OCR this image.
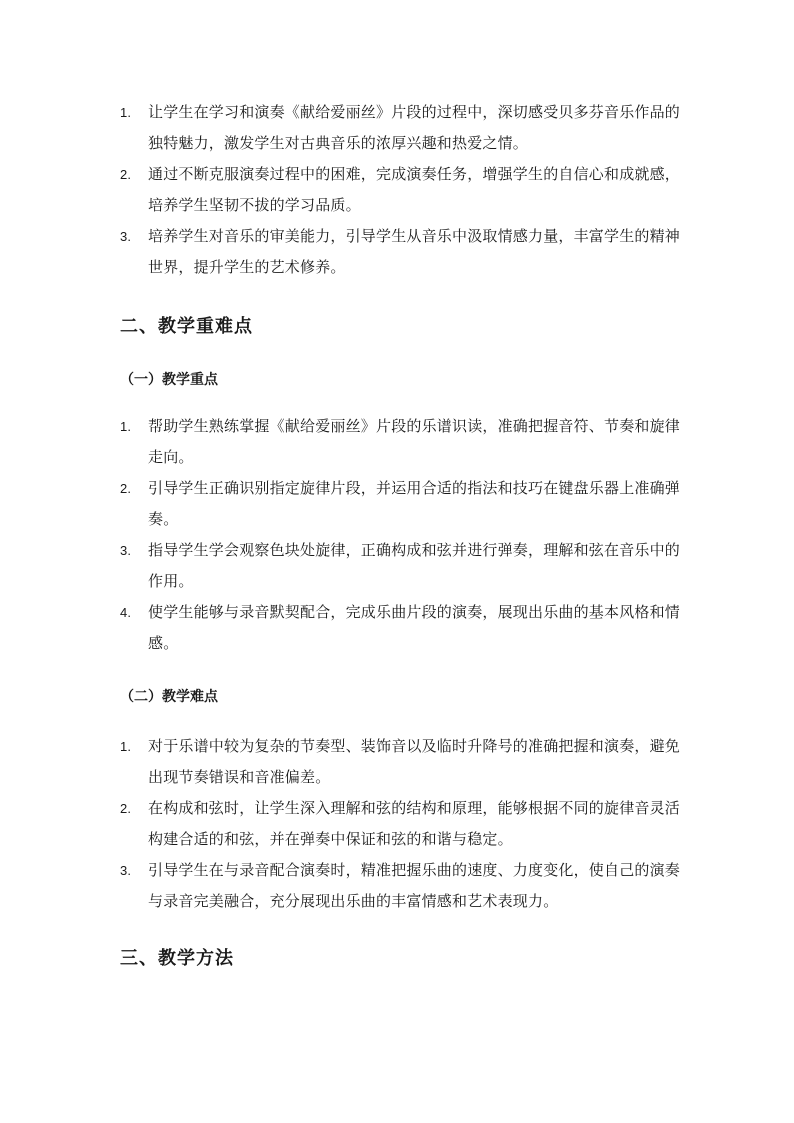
1. 让学生在学习和演奏《献给爱丽丝》片段的过程中，深切感受贝多芬音乐作品的独特魅力，激发学生对古典音乐的浓厚兴趣和热爱之情。
2. 通过不断克服演奏过程中的困难，完成演奏任务，增强学生的自信心和成就感，培养学生坚韧不拔的学习品质。
3. 培养学生对音乐的审美能力，引导学生从音乐中汲取情感力量，丰富学生的精神世界，提升学生的艺术修养。
二、教学重难点
（一）教学重点
1. 帮助学生熟练掌握《献给爱丽丝》片段的乐谱识读，准确把握音符、节奏和旋律走向。
2. 引导学生正确识别指定旋律片段，并运用合适的指法和技巧在键盘乐器上准确弹奏。
3. 指导学生学会观察色块处旋律，正确构成和弦并进行弹奏，理解和弦在音乐中的作用。
4. 使学生能够与录音默契配合，完成乐曲片段的演奏，展现出乐曲的基本风格和情感。
（二）教学难点
1. 对于乐谱中较为复杂的节奏型、装饰音以及临时升降号的准确把握和演奏，避免出现节奏错误和音准偏差。
2. 在构成和弦时，让学生深入理解和弦的结构和原理，能够根据不同的旋律音灵活构建合适的和弦，并在弹奏中保证和弦的和谐与稳定。
3. 引导学生在与录音配合演奏时，精准把握乐曲的速度、力度变化，使自己的演奏与录音完美融合，充分展现出乐曲的丰富情感和艺术表现力。
三、教学方法
